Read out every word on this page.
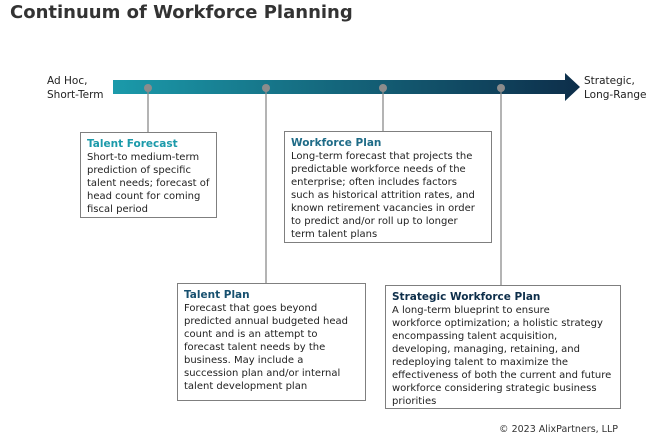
Continuum of Workforce Planning
Ad Hoc,
Short-Term
Strategic,
Long-Range
Talent Forecast
Short-to medium-term
prediction of specific
talent needs; forecast of
head count for coming
fiscal period
Workforce Plan
Long-term forecast that projects the
predictable workforce needs of the
enterprise; often includes factors
such as historical attrition rates, and
known retirement vacancies in order
to predict and/or roll up to longer
term talent plans
Talent Plan
Forecast that goes beyond
predicted annual budgeted head
count and is an attempt to
forecast talent needs by the
business. May include a
succession plan and/or internal
talent development plan
Strategic Workforce Plan
A long-term blueprint to ensure
workforce optimization; a holistic strategy
encompassing talent acquisition,
developing, managing, retaining, and
redeploying talent to maximize the
effectiveness of both the current and future
workforce considering strategic business
priorities
© 2023 AlixPartners, LLP
